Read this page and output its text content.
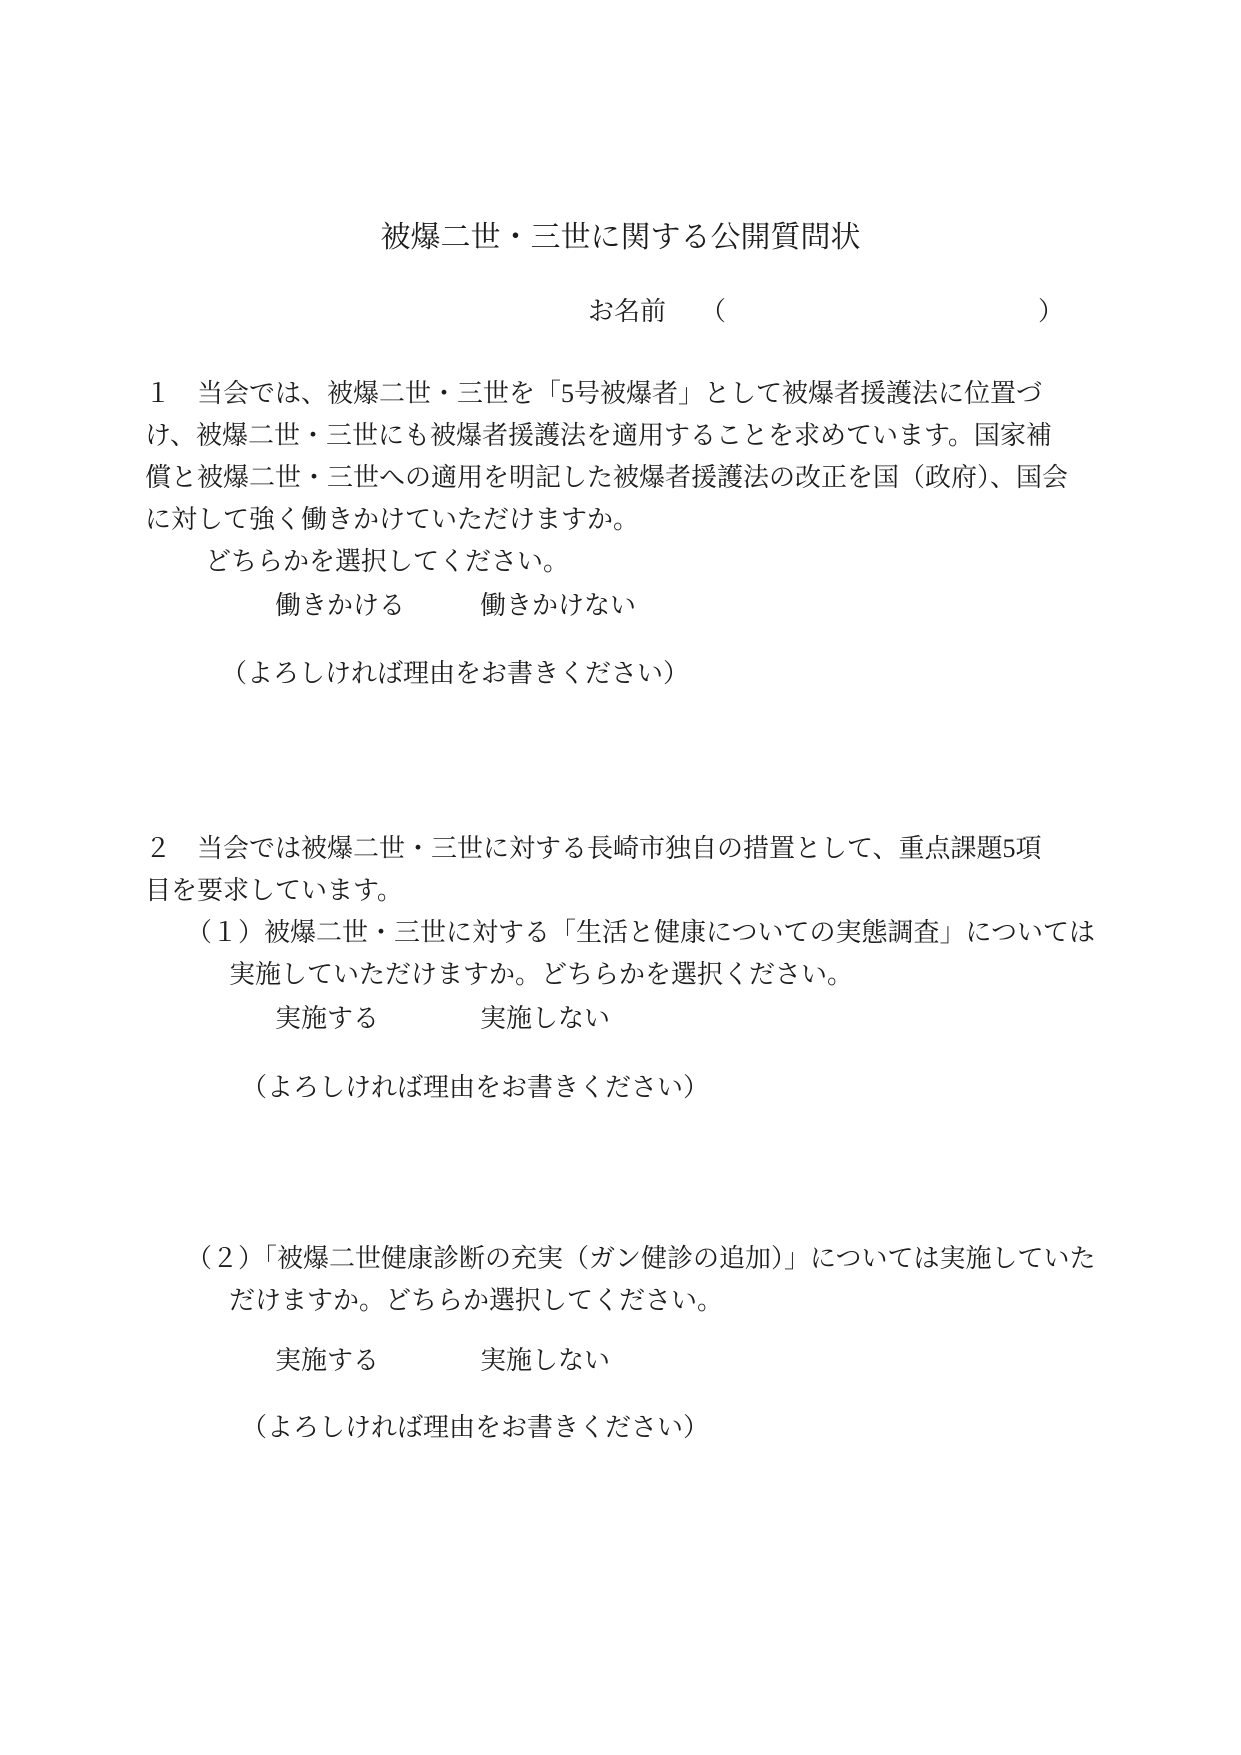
被爆二世・三世に関する公開質問状
お名前 （	）
１　当会では、被爆二世・三世を「5号被爆者」として被爆者援護法に位置づ
け、被爆二世・三世にも被爆者援護法を適用することを求めています。国家補
償と被爆二世・三世への適用を明記した被爆者援護法の改正を国（政府）、国会
に対して強く働きかけていただけますか。
どちらかを選択してください。
働きかける	働きかけない
（よろしければ理由をお書きください）
２　当会では被爆二世・三世に対する長崎市独自の措置として、重点課題5項
目を要求しています。
（１）被爆二世・三世に対する「生活と健康についての実態調査」については
実施していただけますか。どちらかを選択ください。
実施する	実施しない
（よろしければ理由をお書きください）
（２）「被爆二世健康診断の充実（ガン健診の追加）」については実施していた
だけますか。どちらか選択してください。
実施する	実施しない
（よろしければ理由をお書きください）
